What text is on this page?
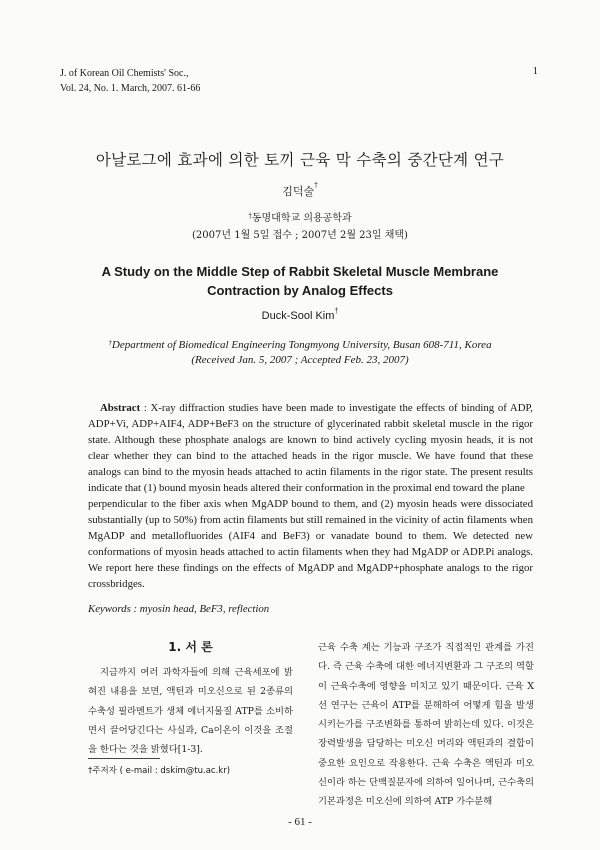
J. of Korean Oil Chemists' Soc.,
Vol. 24, No. 1. March, 2007. 61-66
1
아날로그에 효과에 의한 토끼 근육 막 수축의 중간단계 연구
김덕술†
†동명대학교 의용공학과
(2007년 1월 5일 접수 ; 2007년 2월 23일 채택)
A Study on the Middle Step of Rabbit Skeletal Muscle Membrane
Contraction by Analog Effects
Duck-Sool Kim†
†Department of Biomedical Engineering Tongmyong University, Busan 608-711, Korea
(Received Jan. 5, 2007 ; Accepted Feb. 23, 2007)

Abstract : X-ray diffraction studies have been made to investigate the effects of binding of ADP, ADP+Vi, ADP+AIF4, ADP+BeF3 on the structure of glycerinated rabbit skeletal muscle in the rigor state. Although these phosphate analogs are known to bind actively cycling myosin heads, it is not clear whether they can bind to the attached heads in the rigor muscle. We have found that these analogs can bind to the myosin heads attached to actin filaments in the rigor state. The present results indicate that (1) bound myosin heads altered their conformation in the proximal end toward the plane

perpendicular to the fiber axis when MgADP bound to them, and (2) myosin heads were dissociated substantially (up to 50%) from actin filaments but still remained in the vicinity of actin filaments when MgADP and metallofluorides (AIF4 and BeF3) or vanadate bound to them. We detected new conformations of myosin heads attached to actin filaments when they had MgADP or ADP.Pi analogs. We report here these findings on the effects of MgADP and MgADP+phosphate analogs to the rigor crossbridges.

Keywords : myosin head, BeF3, reflection
1. 서 론

지금까지 여러 과학자들에 의해 근육세포에 밝혀진 내용을 보면, 액틴과 미오신으로 된 2종류의 수축성 필라멘트가 생체 에너지물질 ATP를 소비하면서 끌어당긴다는 사실과, Ca이온이 이것을 조절을 한다는 것을 밝혔다[1-3].

근육 수축 계는 기능과 구조가 직접적인 관계를 가진다. 즉 근육 수축에 대한 에너지변환과 그 구조의 역할이 근육수축에 영향을 미치고 있기 때문이다. 근육 X선 연구는 근육이 ATP를 분해하여 어떻게 힘을 발생시키는가를 구조변화를 통하여 밝히는데 있다. 이것은 장력발생을 담당하는 미오신 머리와 액틴과의 결합이 중요한 요인으로 작용한다. 근육 수축은 액틴과 미오신이라 하는 단백질분자에 의하여 일어나며, 근수축의 기본과정은 미오신에 의하여 ATP 가수분해

†주저자 ( e-mail : dskim@tu.ac.kr)
- 61 -
